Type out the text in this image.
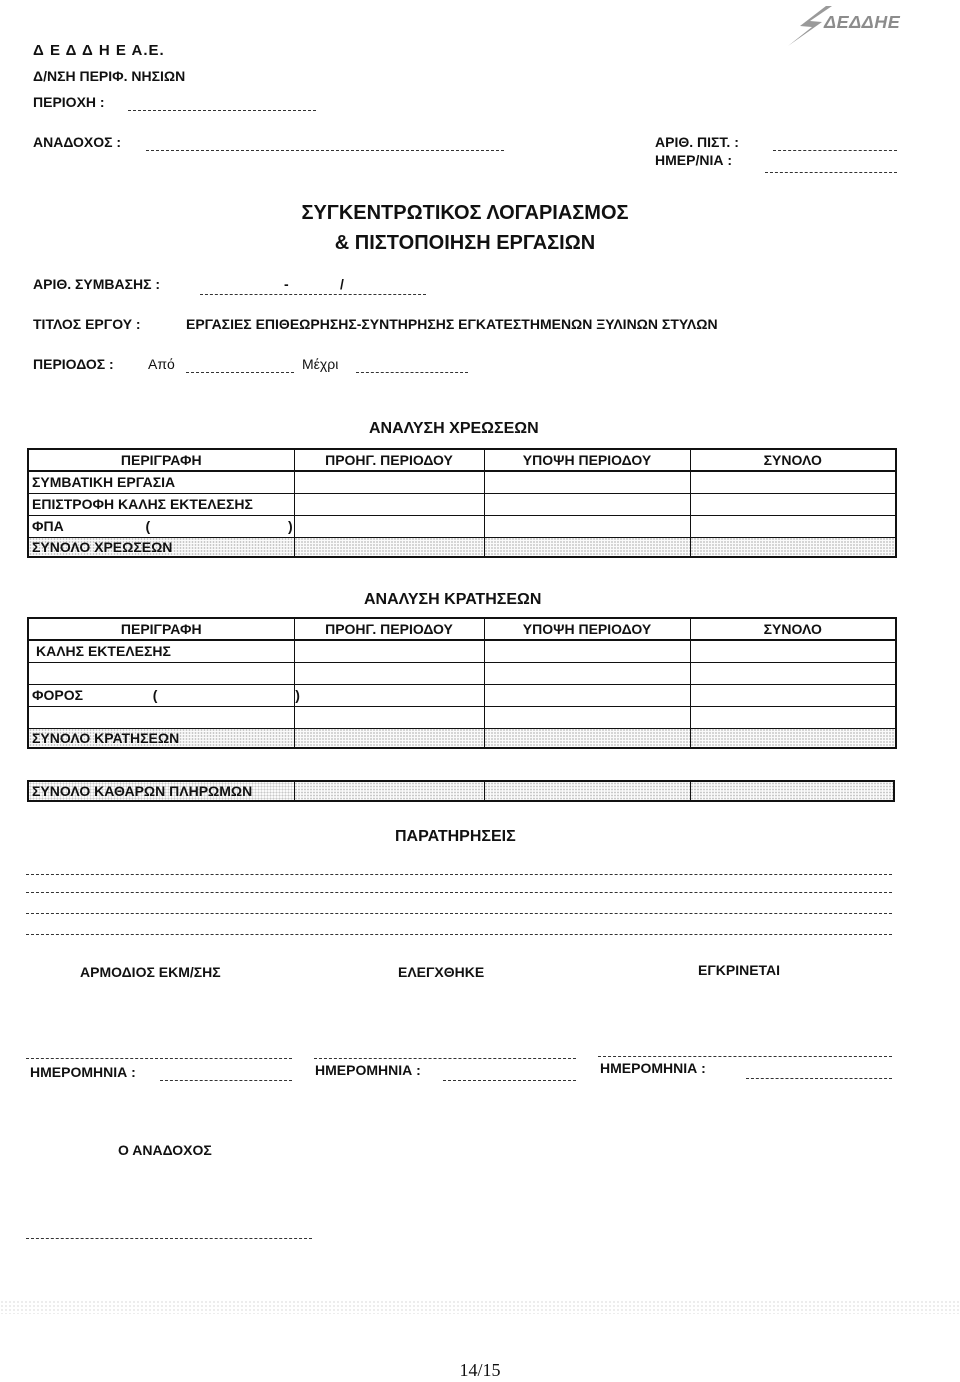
ΔΕΔΔΗΕ
Δ Ε Δ Δ Η Ε Α.Ε.
Δ/ΝΣΗ ΠΕΡΙΦ. ΝΗΣΙΩΝ
ΠΕΡΙΟΧΗ :
ΑΝΑΔΟΧΟΣ :	ΑΡΙΘ. ΠΙΣΤ. :
ΗΜΕΡ/ΝΙΑ :
ΣΥΓΚΕΝΤΡΩΤΙΚΟΣ ΛΟΓΑΡΙΑΣΜΟΣ
& ΠΙΣΤΟΠΟΙΗΣΗ ΕΡΓΑΣΙΩΝ
ΑΡΙΘ. ΣΥΜΒΑΣΗΣ :	-	/
ΤΙΤΛΟΣ ΕΡΓΟΥ :	ΕΡΓΑΣΙΕΣ ΕΠΙΘΕΩΡΗΣΗΣ-ΣΥΝΤΗΡΗΣΗΣ ΕΓΚΑΤΕΣΤΗΜΕΝΩΝ ΞΥΛΙΝΩΝ ΣΤΥΛΩΝ
ΠΕΡΙΟΔΟΣ : Από	Μέχρι
ΑΝΑΛΥΣΗ ΧΡΕΩΣΕΩΝ
ΠΕΡΙΓΡΑΦΗ	ΠΡΟΗΓ. ΠΕΡΙΟΔΟΥ	ΥΠΟΨΗ ΠΕΡΙΟΔΟΥ	ΣΥΝΟΛΟ
ΣΥΜΒΑΤΙΚΗ ΕΡΓΑΣΙΑ			
ΕΠΙΣΤΡΟΦΗ ΚΑΛΗΣ ΕΚΤΕΛΕΣΗΣ			
ΦΠΑ ( )			
ΣΥΝΟΛΟ ΧΡΕΩΣΕΩΝ			
ΑΝΑΛΥΣΗ ΚΡΑΤΗΣΕΩΝ
ΠΕΡΙΓΡΑΦΗ	ΠΡΟΗΓ. ΠΕΡΙΟΔΟΥ	ΥΠΟΨΗ ΠΕΡΙΟΔΟΥ	ΣΥΝΟΛΟ
ΚΑΛΗΣ ΕΚΤΕΛΕΣΗΣ			

ΦΟΡΟΣ ( )			

ΣΥΝΟΛΟ ΚΡΑΤΗΣΕΩΝ			
ΣΥΝΟΛΟ ΚΑΘΑΡΩΝ ΠΛΗΡΩΜΩΝ			
ΠΑΡΑΤΗΡΗΣΕΙΣ
ΑΡΜΟΔΙΟΣ ΕΚΜ/ΣΗΣ	ΕΛΕΓΧΘΗΚΕ	ΕΓΚΡΙΝΕΤΑΙ
ΗΜΕΡΟΜΗΝΙΑ :	ΗΜΕΡΟΜΗΝΙΑ :	ΗΜΕΡΟΜΗΝΙΑ :
Ο ΑΝΑΔΟΧΟΣ
14/15
